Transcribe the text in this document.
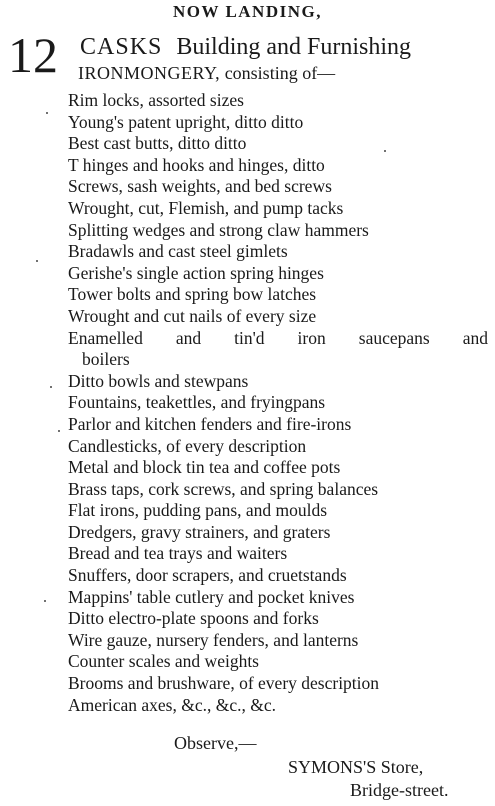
NOW LANDING,
12 CASKS Building and Furnishing
IRONMONGERY, consisting of—
Rim locks, assorted sizes
Young's patent upright, ditto ditto
Best cast butts, ditto ditto
T hinges and hooks and hinges, ditto
Screws, sash weights, and bed screws
Wrought, cut, Flemish, and pump tacks
Splitting wedges and strong claw hammers
Bradawls and cast steel gimlets
Gerishe's single action spring hinges
Tower bolts and spring bow latches
Wrought and cut nails of every size
Enamelled and tin'd iron saucepans and
boilers
Ditto bowls and stewpans
Fountains, teakettles, and fryingpans
Parlor and kitchen fenders and fire-irons
Candlesticks, of every description
Metal and block tin tea and coffee pots
Brass taps, cork screws, and spring balances
Flat irons, pudding pans, and moulds
Dredgers, gravy strainers, and graters
Bread and tea trays and waiters
Snuffers, door scrapers, and cruetstands
Mappins' table cutlery and pocket knives
Ditto electro-plate spoons and forks
Wire gauze, nursery fenders, and lanterns
Counter scales and weights
Brooms and brushware, of every description
American axes, &c., &c., &c.
Observe,—
SYMONS'S Store,
Bridge-street.
